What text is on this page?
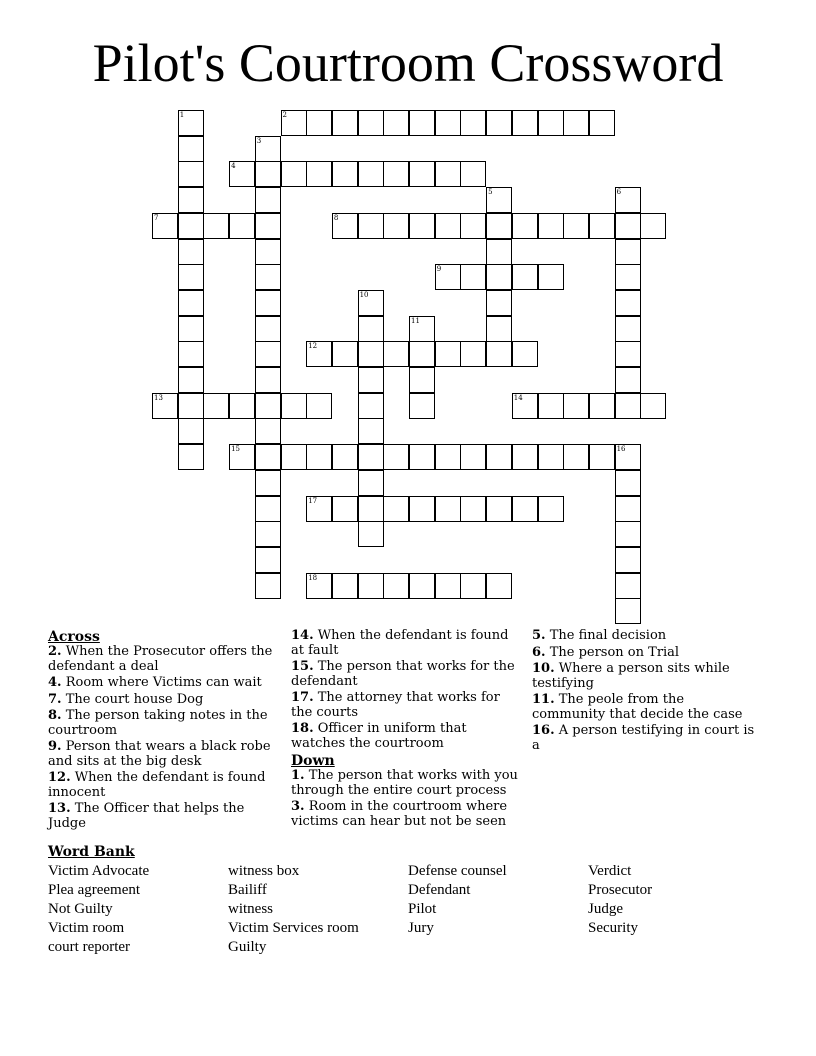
Pilot's Courtroom Crossword
1	2
3
4
5	6
7	8
9
10
11
12
13	14
15	16
17
18
Across
2. When the Prosecutor offers the defendant a deal
4. Room where Victims can wait
7. The court house Dog
8. The person taking notes in the courtroom
9. Person that wears a black robe and sits at the big desk
12. When the defendant is found innocent
13. The Officer that helps the Judge
14. When the defendant is found at fault
15. The person that works for the defendant
17. The attorney that works for the courts
18. Officer in uniform that watches the courtroom
Down
1. The person that works with you through the entire court process
3. Room in the courtroom where victims can hear but not be seen
5. The final decision
6. The person on Trial
10. Where a person sits while testifying
11. The peole from the community that decide the case
16. A person testifying in court is a
Word Bank
Victim Advocate
Plea agreement
Not Guilty
Victim room
court reporter
witness box
Bailiff
witness
Victim Services room
Guilty
Defense counsel
Defendant
Pilot
Jury
Verdict
Prosecutor
Judge
Security
